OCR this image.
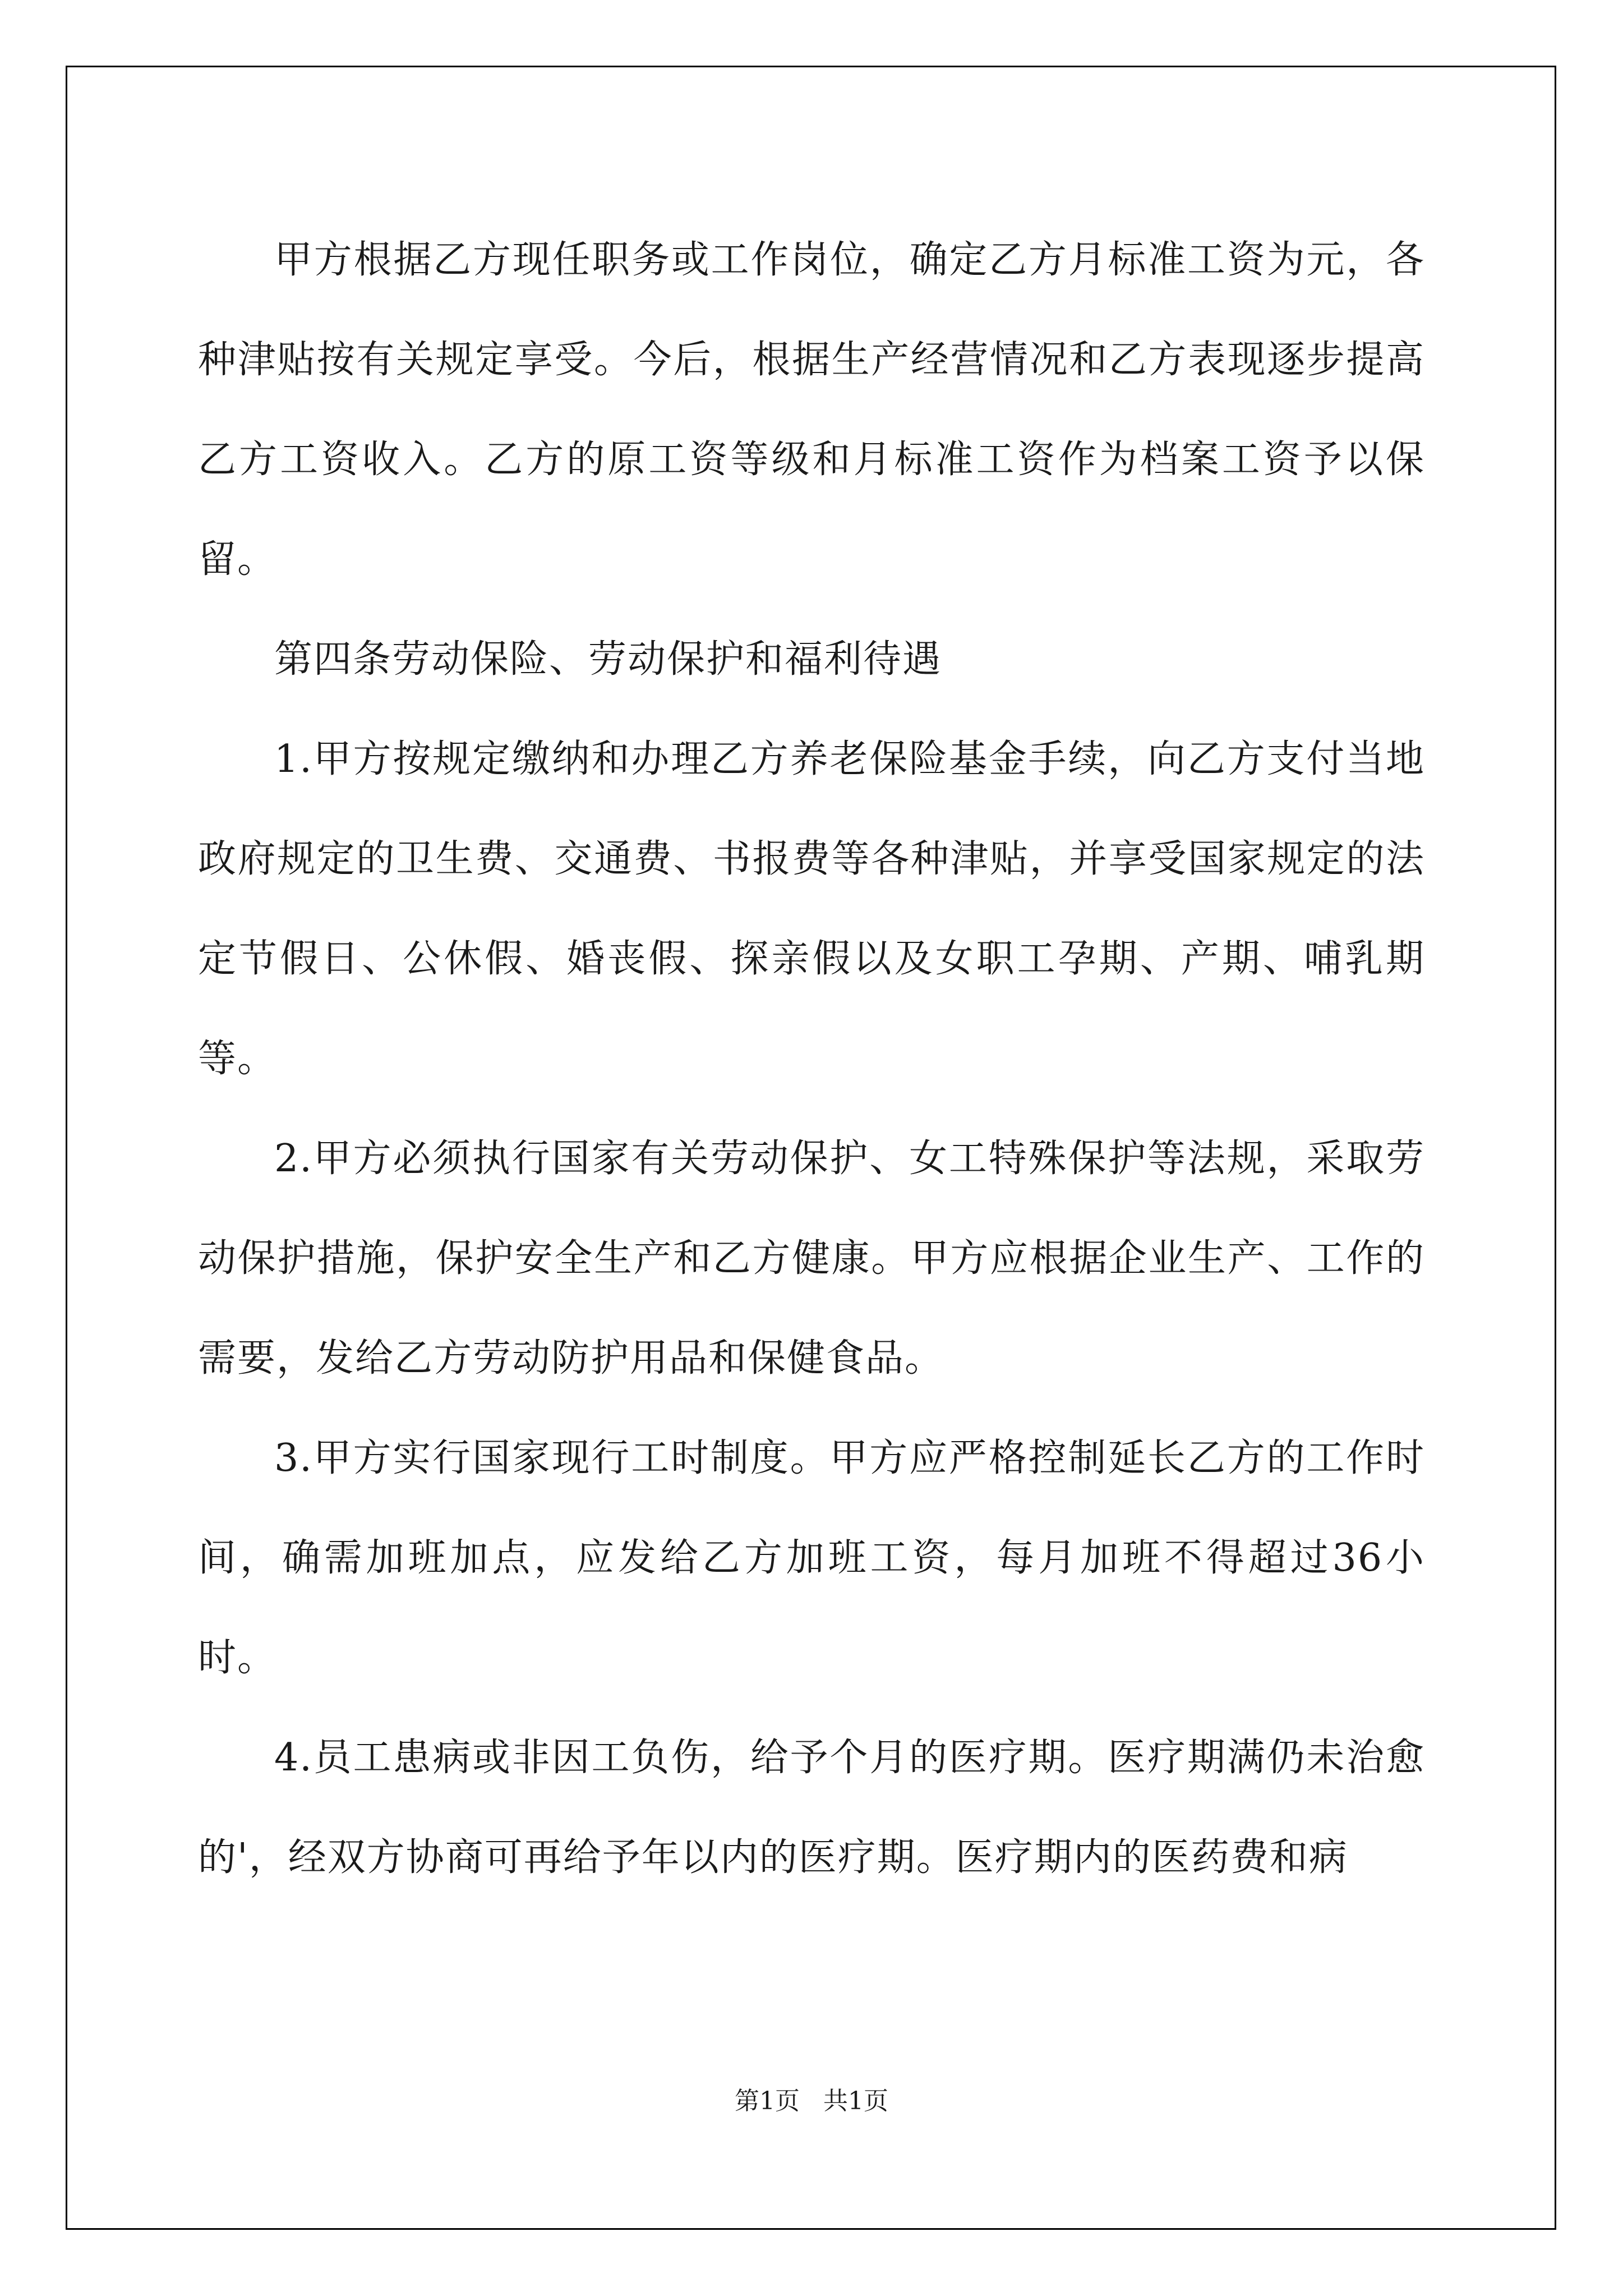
甲方根据乙方现任职务或工作岗位，确定乙方月标准工资为元，各种津贴按有关规定享受。今后，根据生产经营情况和乙方表现逐步提高乙方工资收入。乙方的原工资等级和月标准工资作为档案工资予以保留。

第四条劳动保险、劳动保护和福利待遇

1.甲方按规定缴纳和办理乙方养老保险基金手续，向乙方支付当地政府规定的卫生费、交通费、书报费等各种津贴，并享受国家规定的法定节假日、公休假、婚丧假、探亲假以及女职工孕期、产期、哺乳期等。

2.甲方必须执行国家有关劳动保护、女工特殊保护等法规，采取劳动保护措施，保护安全生产和乙方健康。甲方应根据企业生产、工作的需要，发给乙方劳动防护用品和保健食品。

3.甲方实行国家现行工时制度。甲方应严格控制延长乙方的工作时间，确需加班加点，应发给乙方加班工资，每月加班不得超过36小时。

4.员工患病或非因工负伤，给予个月的医疗期。医疗期满仍未治愈的'，经双方协商可再给予年以内的医疗期。医疗期内的医药费和病

第1页   共1页
